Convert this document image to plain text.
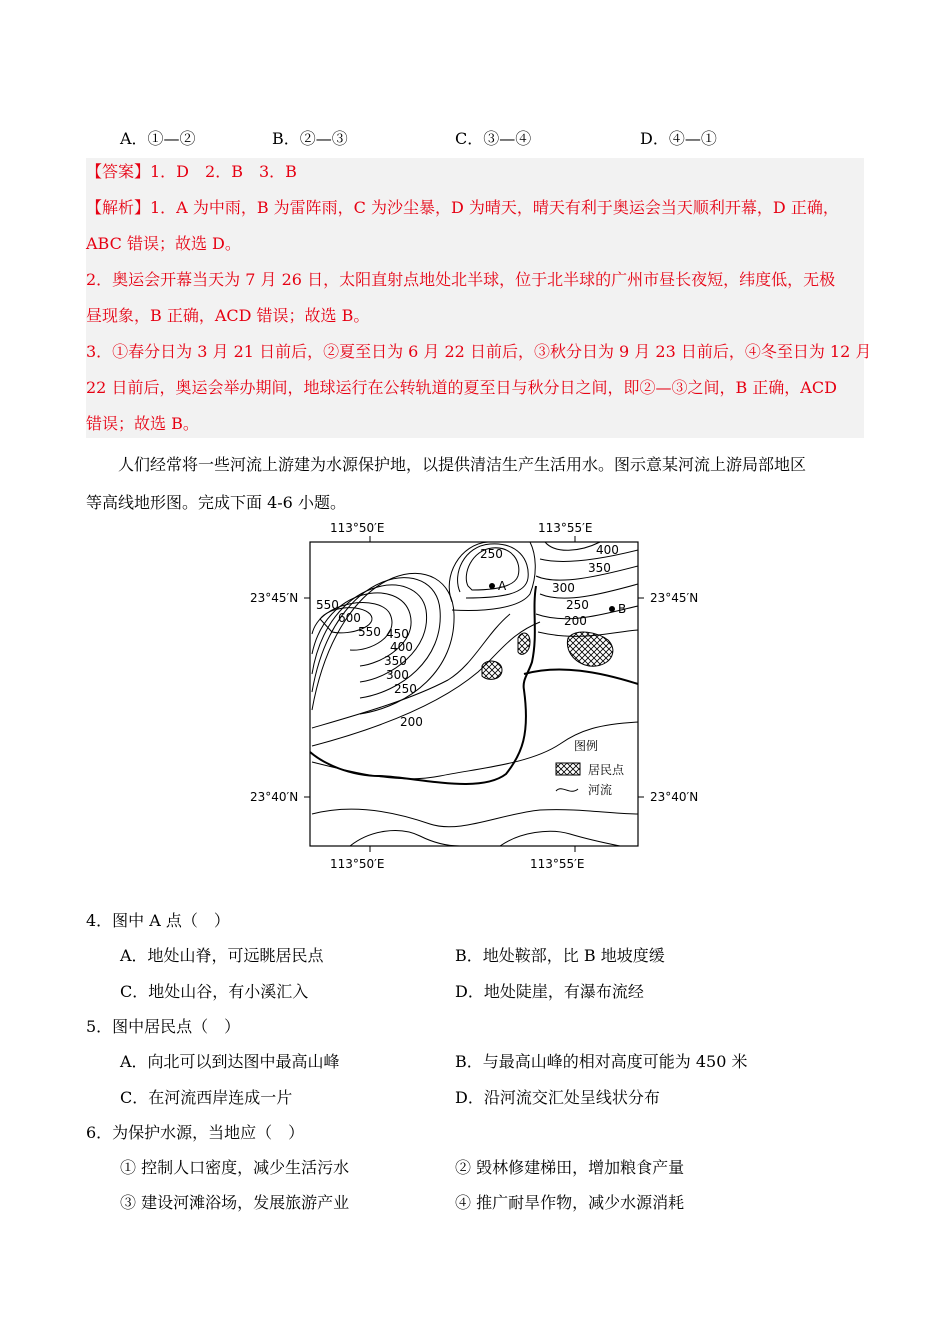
A．①—②	B．②—③	C．③—④	D．④—①

【答案】1．D　2．B　3．B

【解析】1．A 为中雨，B 为雷阵雨，C 为沙尘暴，D 为晴天，晴天有利于奥运会当天顺利开幕，D 正确，

ABC 错误；故选 D。

2．奥运会开幕当天为 7 月 26 日，太阳直射点地处北半球，位于北半球的广州市昼长夜短，纬度低，无极

昼现象，B 正确，ACD 错误；故选 B。

3．①春分日为 3 月 21 日前后，②夏至日为 6 月 22 日前后，③秋分日为 9 月 23 日前后，④冬至日为 12 月

22 日前后，奥运会举办期间，地球运行在公转轨道的夏至日与秋分日之间，即②—③之间，B 正确，ACD

错误；故选 B。

人们经常将一些河流上游建为水源保护地，以提供清洁生产生活用水。图示意某河流上游局部地区

等高线地形图。完成下面 4-6 小题。

113°50′E	113°55′E
23°45′N	23°45′N
23°40′N	23°40′N
113°50′E	113°55′E
A
B
250	400
350
300
250
200
550
600
550 450
400
350
300
250
200
图例
居民点
河流
4．图中 A 点（　）
A．地处山脊，可远眺居民点	B．地处鞍部，比 B 地坡度缓
C．地处山谷，有小溪汇入	D．地处陡崖，有瀑布流经
5．图中居民点（　）
A．向北可以到达图中最高山峰	B．与最高山峰的相对高度可能为 450 米
C．在河流西岸连成一片	D．沿河流交汇处呈线状分布
6．为保护水源，当地应（　）
① 控制人口密度，减少生活污水	② 毁林修建梯田，增加粮食产量
③ 建设河滩浴场，发展旅游产业	④ 推广耐旱作物，减少水源消耗
